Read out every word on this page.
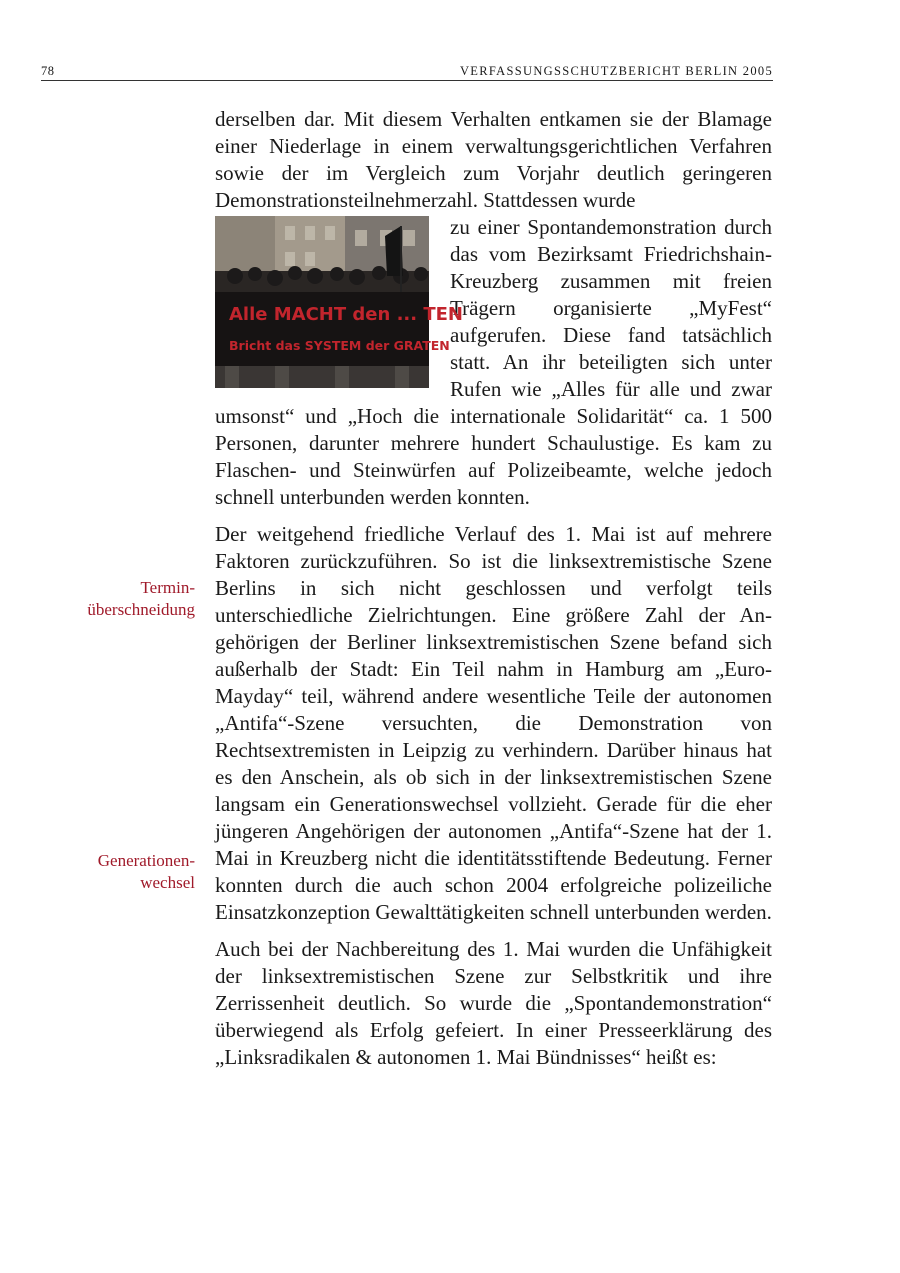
78	VERFASSUNGSSCHUTZBERICHT BERLIN 2005
Termin-
überschneidung
Generationen-
wechsel

derselben dar. Mit diesem Verhalten entkamen sie der Blamage einer Niederlage in einem verwaltungsgerichtlichen Verfahren sowie der im Vergleich zum Vorjahr deutlich geringeren Demonstrationsteilnehmerzahl. Stattdessen wurde

Alle MACHT den ... TEN
Bricht das SYSTEM der GRATEN
zu einer Spontandemonstration durch das vom Bezirksamt Friedrichshain-Kreuzberg zusammen mit freien Trägern organisierte „MyFest“ aufgerufen. Diese fand tatsächlich statt. An ihr beteiligten sich unter Rufen wie „Alles für alle und zwar umsonst“ und „Hoch die internationale Solidarität“ ca. 1 500 Personen, darunter mehrere hundert Schaulustige. Es kam zu Flaschen- und Steinwürfen auf Polizeibeamte, welche jedoch schnell unterbunden werden konnten.

Der weitgehend friedliche Verlauf des 1. Mai ist auf mehrere Faktoren zurückzuführen. So ist die linksextremistische Szene Berlins in sich nicht geschlossen und verfolgt teils unterschiedliche Zielrichtungen. Eine größere Zahl der Angehörigen der Berliner linksextremistischen Szene befand sich außerhalb der Stadt: Ein Teil nahm in Hamburg am „Euro-Mayday“ teil, während andere wesentliche Teile der autonomen „Antifa“-Szene versuchten, die Demonstration von Rechtsextremisten in Leipzig zu verhindern. Darüber hinaus hat es den Anschein, als ob sich in der linksextremistischen Szene langsam ein Generationswechsel vollzieht. Gerade für die eher jüngeren Angehörigen der autonomen „Antifa“-Szene hat der 1. Mai in Kreuzberg nicht die identitätsstiftende Bedeutung. Ferner konnten durch die auch schon 2004 erfolgreiche polizeiliche Einsatzkonzeption Gewalttätigkeiten schnell unterbunden werden.

Auch bei der Nachbereitung des 1. Mai wurden die Unfähigkeit der linksextremistischen Szene zur Selbstkritik und ihre Zerrissenheit deutlich. So wurde die „Spontandemonstration“ überwiegend als Erfolg gefeiert. In einer Presseerklärung des „Linksradikalen & autonomen 1. Mai Bündnisses“ heißt es:
